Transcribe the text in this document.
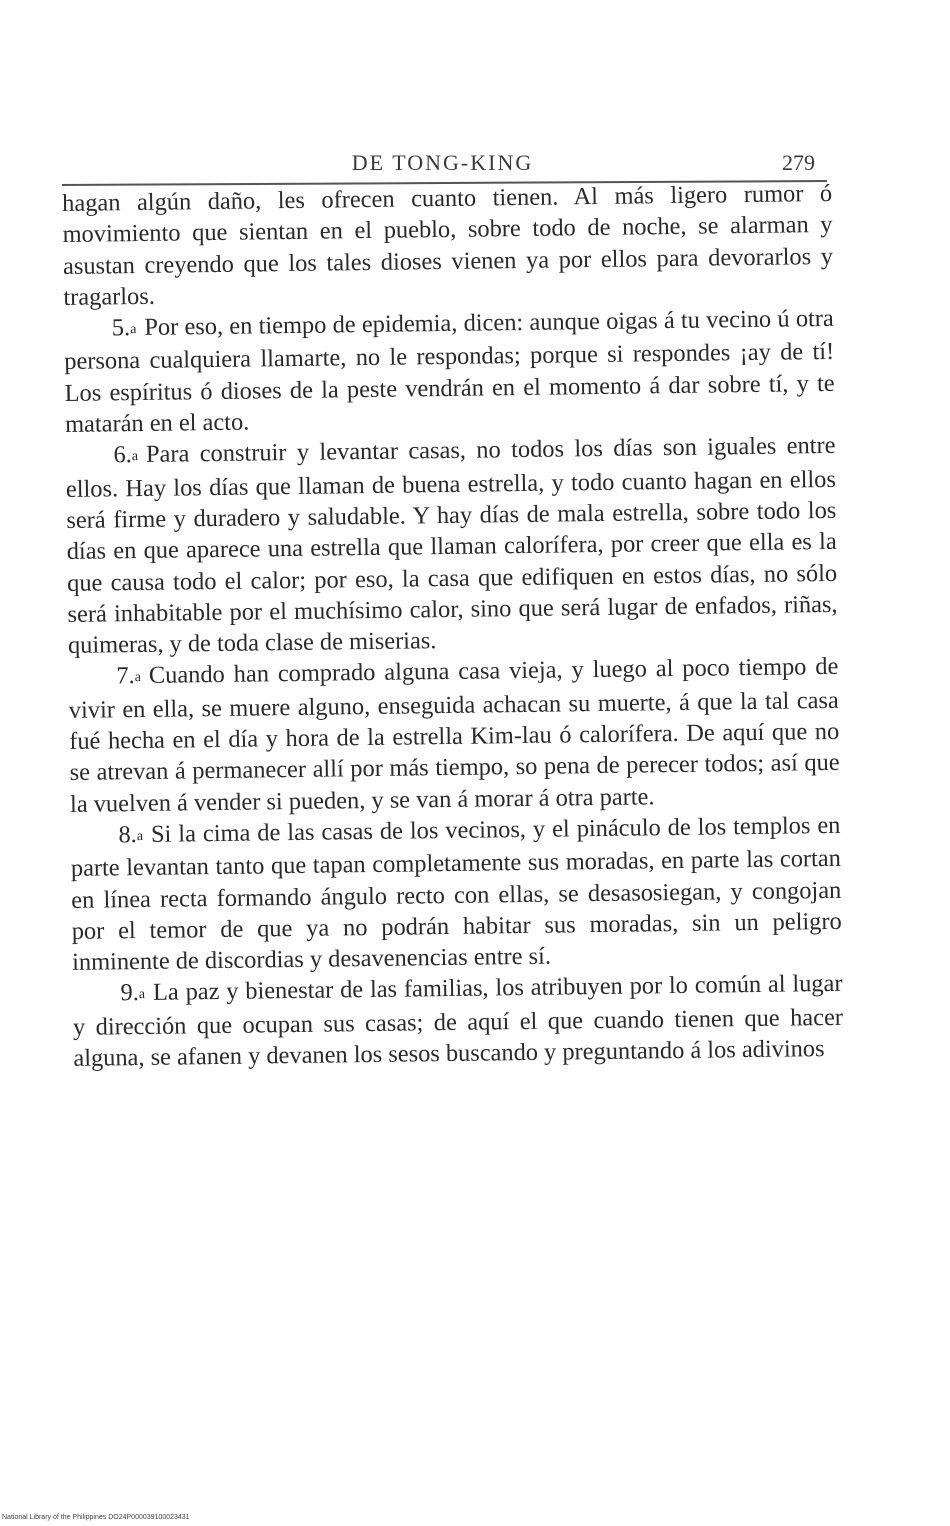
DE TONG-KING	279

hagan algún daño, les ofrecen cuanto tienen. Al más ligero rumor ó movimiento que sientan en el pueblo, sobre todo de noche, se alarman y asustan creyendo que los tales dioses vienen ya por ellos para devorarlos y tragarlos.

5.a Por eso, en tiempo de epidemia, dicen: aunque oigas á tu vecino ú otra persona cualquiera llamarte, no le respondas; porque si respondes ¡ay de tí! Los espíritus ó dioses de la peste vendrán en el momento á dar sobre tí, y te matarán en el acto.

6.a Para construir y levantar casas, no todos los días son iguales entre ellos. Hay los días que llaman de buena estrella, y todo cuanto hagan en ellos será firme y duradero y saludable. Y hay días de mala estrella, sobre todo los días en que aparece una estrella que llaman calorífera, por creer que ella es la que causa todo el calor; por eso, la casa que edifiquen en estos días, no sólo será inhabitable por el muchísimo calor, sino que será lugar de enfados, riñas, quimeras, y de toda clase de miserias.

7.a Cuando han comprado alguna casa vieja, y luego al poco tiempo de vivir en ella, se muere alguno, enseguida achacan su muerte, á que la tal casa fué hecha en el día y hora de la estrella Kim-lau ó calorífera. De aquí que no se atrevan á permanecer allí por más tiempo, so pena de perecer todos; así que la vuelven á vender si pueden, y se van á morar á otra parte.

8.a Si la cima de las casas de los vecinos, y el pináculo de los templos en parte levantan tanto que tapan completamente sus moradas, en parte las cortan en línea recta formando ángulo recto con ellas, se desasosiegan, y congojan por el temor de que ya no podrán habitar sus moradas, sin un peligro inminente de discordias y desavenencias entre sí.

9.a La paz y bienestar de las familias, los atribuyen por lo común al lugar y dirección que ocupan sus casas; de aquí el que cuando tienen que hacer alguna, se afanen y devanen los sesos buscando y preguntando á los adivinos

National Library of the Philippines DO24P000039100023431
